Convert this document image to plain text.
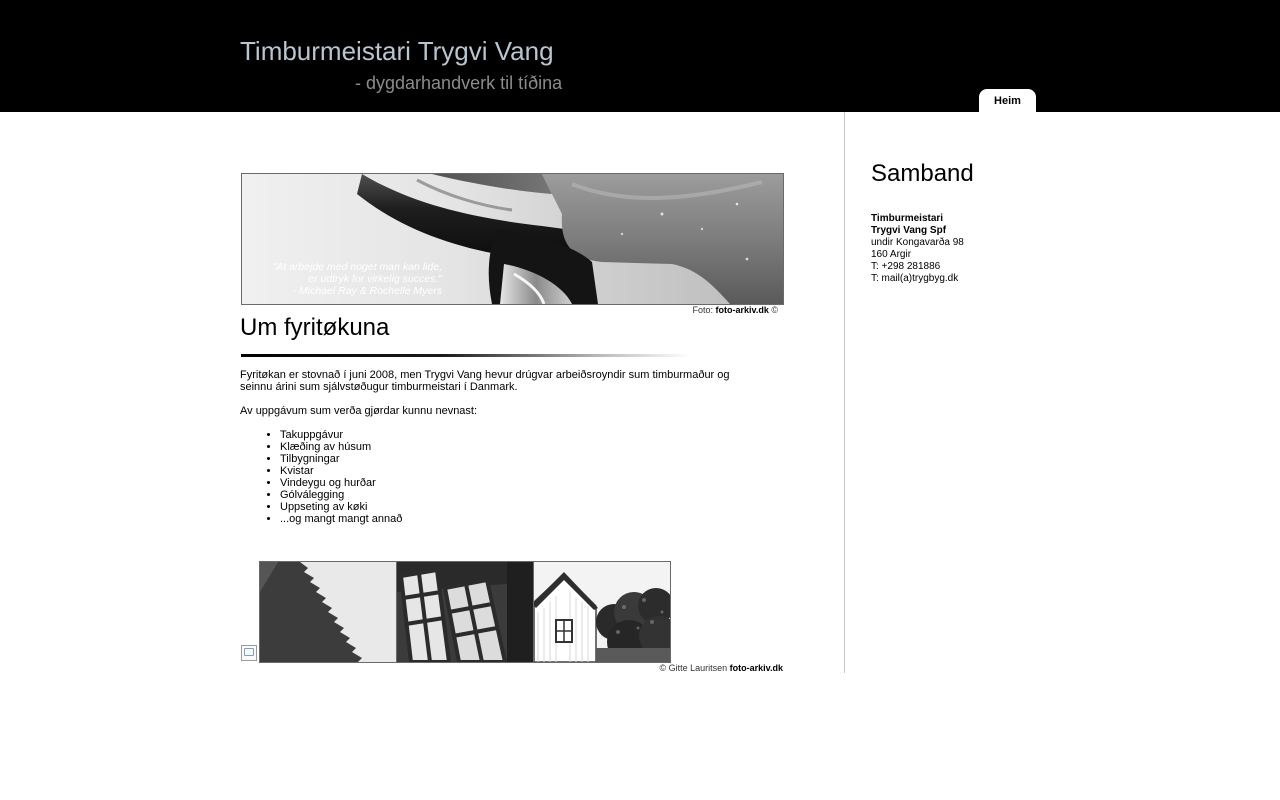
Timburmeistari Trygvi Vang
- dygdarhandverk til tíðina
Heim
"At arbejde med noget man kan lide,
er udtryk for virkelig succes."
- Michael Ray & Rochelle Myers
Foto: foto-arkiv.dk ©
Um fyritøkuna

Fyritøkan er stovnað í juni 2008, men Trygvi Vang hevur drúgvar arbeiðsroyndir sum timburmaður og seinnu árini sum sjálvstøðugur timburmeistari í Danmark.

Av uppgávum sum verða gjørdar kunnu nevnast:

• Takuppgávur
• Klæðing av húsum
• Tilbygningar
• Kvistar
• Vindeygu og hurðar
• Gólválegging
• Uppseting av køki
• ...og mangt mangt annað
© Gitte Lauritsen foto-arkiv.dk
Samband
Timburmeistari
Trygvi Vang Spf
undir Kongavarða 98
160 Argir
T: +298 281886
T: mail(a)trygbyg.dk
